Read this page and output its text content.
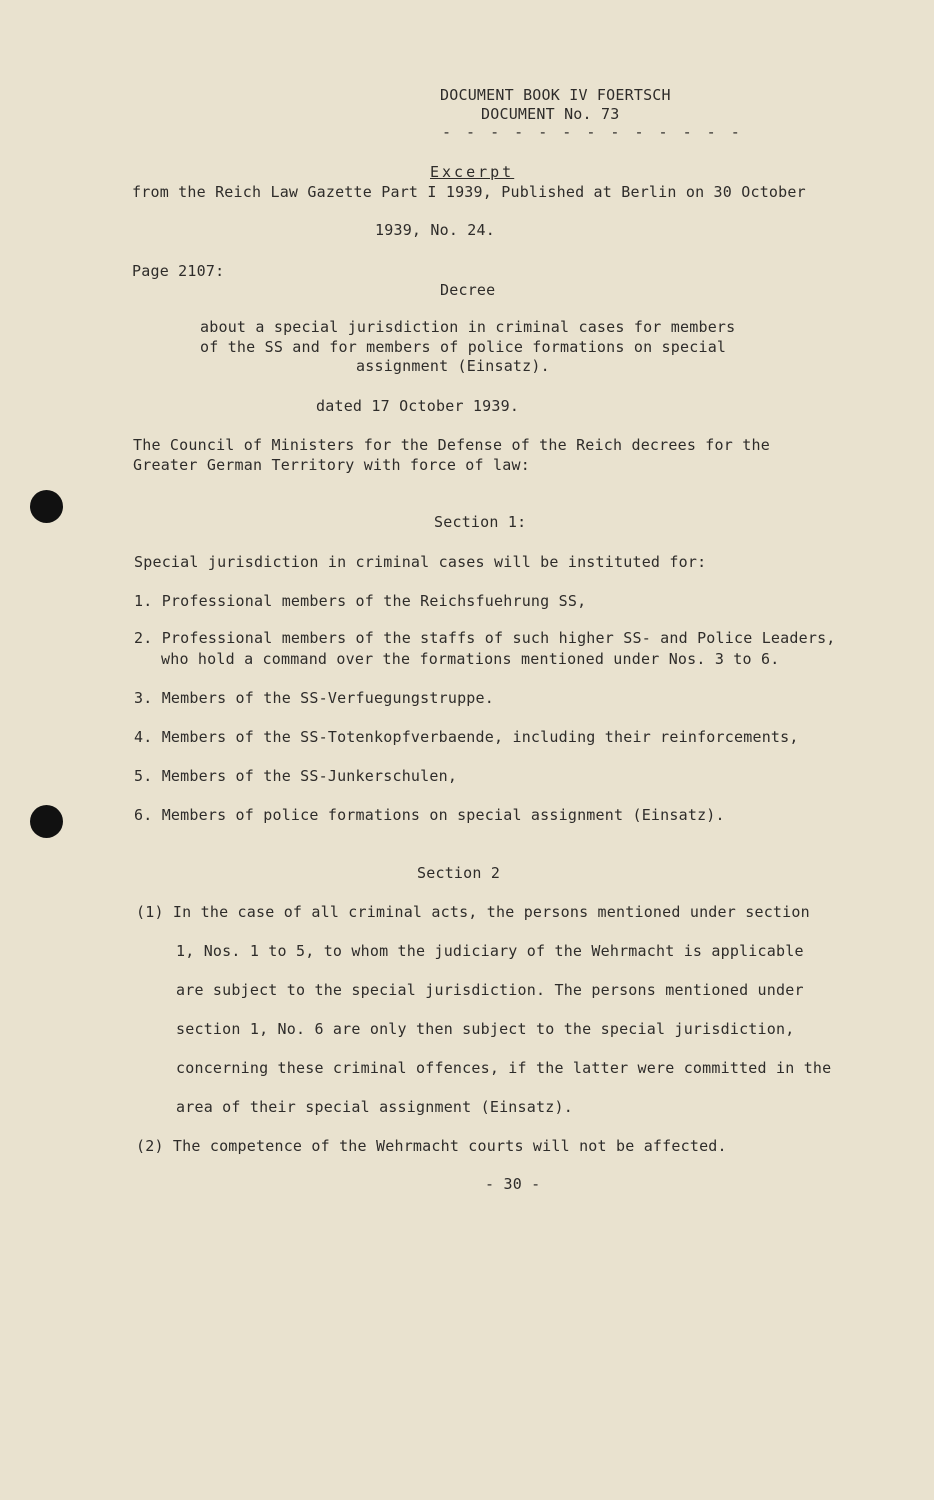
DOCUMENT BOOK IV FOERTSCH
DOCUMENT No. 73
- - - - - - - - - - - - -
Excerpt
from the Reich Law Gazette Part I 1939, Published at Berlin on 30 October
1939, No. 24.
Page 2107:
Decree
about a special jurisdiction in criminal cases for members
of the SS and for members of police formations on special
assignment (Einsatz).
dated 17 October 1939.
The Council of Ministers for the Defense of the Reich decrees for the
Greater German Territory with force of law:
Section 1:
Special jurisdiction in criminal cases will be instituted for:
1. Professional members of the Reichsfuehrung SS,
2. Professional members of the staffs of such higher SS- and Police Leaders,
who hold a command over the formations mentioned under Nos. 3 to 6.
3. Members of the SS-Verfuegungstruppe.
4. Members of the SS-Totenkopfverbaende, including their reinforcements,
5. Members of the SS-Junkerschulen,
6. Members of police formations on special assignment (Einsatz).
Section 2
(1) In the case of all criminal acts, the persons mentioned under section
1, Nos. 1 to 5, to whom the judiciary of the Wehrmacht is applicable
are subject to the special jurisdiction. The persons mentioned under
section 1, No. 6 are only then subject to the special jurisdiction,
concerning these criminal offences, if the latter were committed in the
area of their special assignment (Einsatz).
(2) The competence of the Wehrmacht courts will not be affected.
- 30 -
